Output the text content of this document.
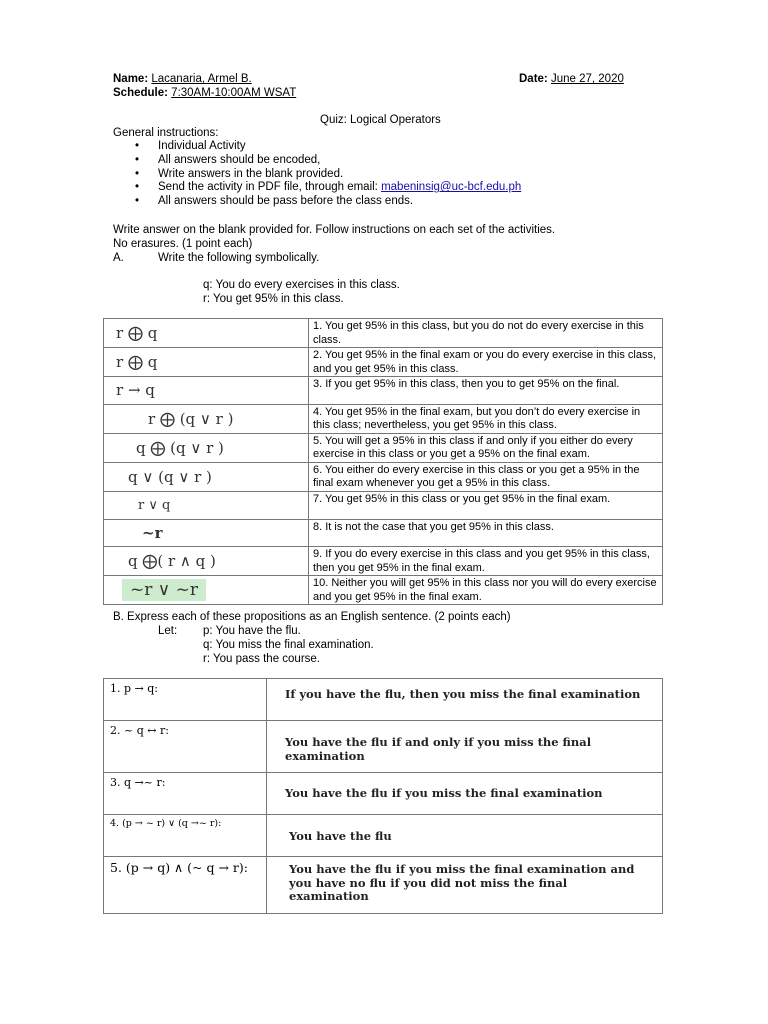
Name: Lacanaria, Armel B.	Date: June 27, 2020
Schedule: 7:30AM-10:00AM WSAT
Quiz: Logical Operators
General instructions:
• Individual Activity
• All answers should be encoded,
• Write answers in the blank provided.
• Send the activity in PDF file, through email: mabeninsig@uc-bcf.edu.ph
• All answers should be pass before the class ends.
Write answer on the blank provided for. Follow instructions on each set of the activities.
No erasures. (1 point each)
A.	Write the following symbolically.
q: You do every exercises in this class.
r: You get 95% in this class.
r ⨁ q	1. You get 95% in this class, but you do not do every exercise in this class.
r ⨁ q	2. You get 95% in the final exam or you do every exercise in this class, and you get 95% in this class.
r → q	3. If you get 95% in this class, then you to get 95% on the final.
r ⨁ (q ∨ r )	4. You get 95% in the final exam, but you don’t do every exercise in this class; nevertheless, you get 95% in this class.
q ⨁ (q ∨ r )	5. You will get a 95% in this class if and only if you either do every exercise in this class or you get a 95% on the final exam.
q ∨ (q ∨ r )	6. You either do every exercise in this class or you get a 95% in the final exam whenever you get a 95% in this class.
r ∨ q	7. You get 95% in this class or you get 95% in the final exam.
~r	8. It is not the case that you get 95% in this class.
q ⨁( r ∧ q )	9. If you do every exercise in this class and you get 95% in this class, then you get 95% in the final exam.
~r ∨ ~r	10. Neither you will get 95% in this class nor you will do every exercise and you get 95% in the final exam.
B. Express each of these propositions as an English sentence. (2 points each)
Let: p: You have the flu.
q: You miss the final examination.
r: You pass the course.
1. p → q:	If you have the flu, then you miss the final examination
2. ~ q ↔ r:	You have the flu if and only if you miss the final examination
3. q →~ r:	You have the flu if you miss the final examination
4. (p → ~ r) ∨ (q →~ r):	You have the flu
5. (p → q) ∧ (~ q → r):	You have the flu if you miss the final examination and you have no flu if you did not miss the final examination
